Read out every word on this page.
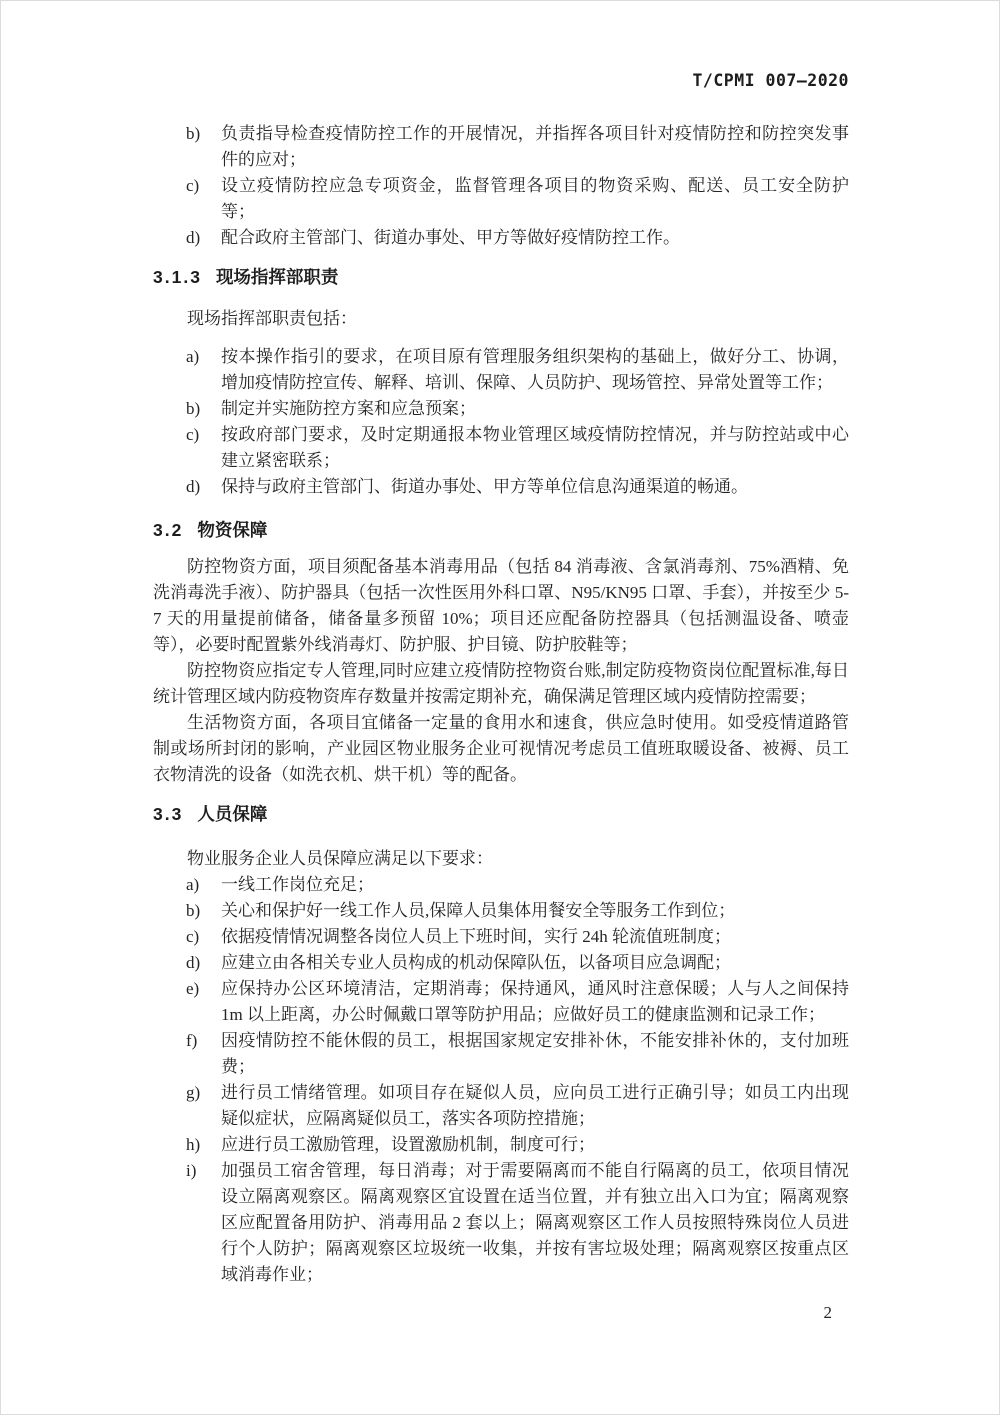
T/CPMI 007—2020
b)	负责指导检查疫情防控工作的开展情况，并指挥各项目针对疫情防控和防控突发事件的应对；
c)	设立疫情防控应急专项资金，监督管理各项目的物资采购、配送、员工安全防护等；
d)	配合政府主管部门、街道办事处、甲方等做好疫情防控工作。
3.1.3 现场指挥部职责
现场指挥部职责包括：
a)	按本操作指引的要求，在项目原有管理服务组织架构的基础上，做好分工、协调，增加疫情防控宣传、解释、培训、保障、人员防护、现场管控、异常处置等工作；
b)	制定并实施防控方案和应急预案；
c)	按政府部门要求，及时定期通报本物业管理区域疫情防控情况，并与防控站或中心建立紧密联系；
d)	保持与政府主管部门、街道办事处、甲方等单位信息沟通渠道的畅通。
3.2 物资保障

防控物资方面，项目须配备基本消毒用品（包括 84 消毒液、含氯消毒剂、75%酒精、免洗消毒洗手液）、防护器具（包括一次性医用外科口罩、N95/KN95 口罩、手套），并按至少 5-7 天的用量提前储备，储备量多预留 10%；项目还应配备防控器具（包括测温设备、喷壶等），必要时配置紫外线消毒灯、防护服、护目镜、防护胶鞋等；

防控物资应指定专人管理,同时应建立疫情防控物资台账,制定防疫物资岗位配置标准,每日统计管理区域内防疫物资库存数量并按需定期补充，确保满足管理区域内疫情防控需要；

生活物资方面，各项目宜储备一定量的食用水和速食，供应急时使用。如受疫情道路管制或场所封闭的影响，产业园区物业服务企业可视情况考虑员工值班取暖设备、被褥、员工衣物清洗的设备（如洗衣机、烘干机）等的配备。

3.3 人员保障
物业服务企业人员保障应满足以下要求：
a)	一线工作岗位充足；
b)	关心和保护好一线工作人员,保障人员集体用餐安全等服务工作到位；
c)	依据疫情情况调整各岗位人员上下班时间，实行 24h 轮流值班制度；
d)	应建立由各相关专业人员构成的机动保障队伍，以备项目应急调配；
e)	应保持办公区环境清洁，定期消毒；保持通风，通风时注意保暖；人与人之间保持 1m 以上距离，办公时佩戴口罩等防护用品；应做好员工的健康监测和记录工作；
f)	因疫情防控不能休假的员工，根据国家规定安排补休，不能安排补休的，支付加班费；
g)	进行员工情绪管理。如项目存在疑似人员，应向员工进行正确引导；如员工内出现疑似症状，应隔离疑似员工，落实各项防控措施；
h)	应进行员工激励管理，设置激励机制，制度可行；
i)	加强员工宿舍管理，每日消毒；对于需要隔离而不能自行隔离的员工，依项目情况设立隔离观察区。隔离观察区宜设置在适当位置，并有独立出入口为宜；隔离观察区应配置备用防护、消毒用品 2 套以上；隔离观察区工作人员按照特殊岗位人员进行个人防护；隔离观察区垃圾统一收集，并按有害垃圾处理；隔离观察区按重点区域消毒作业；
2
